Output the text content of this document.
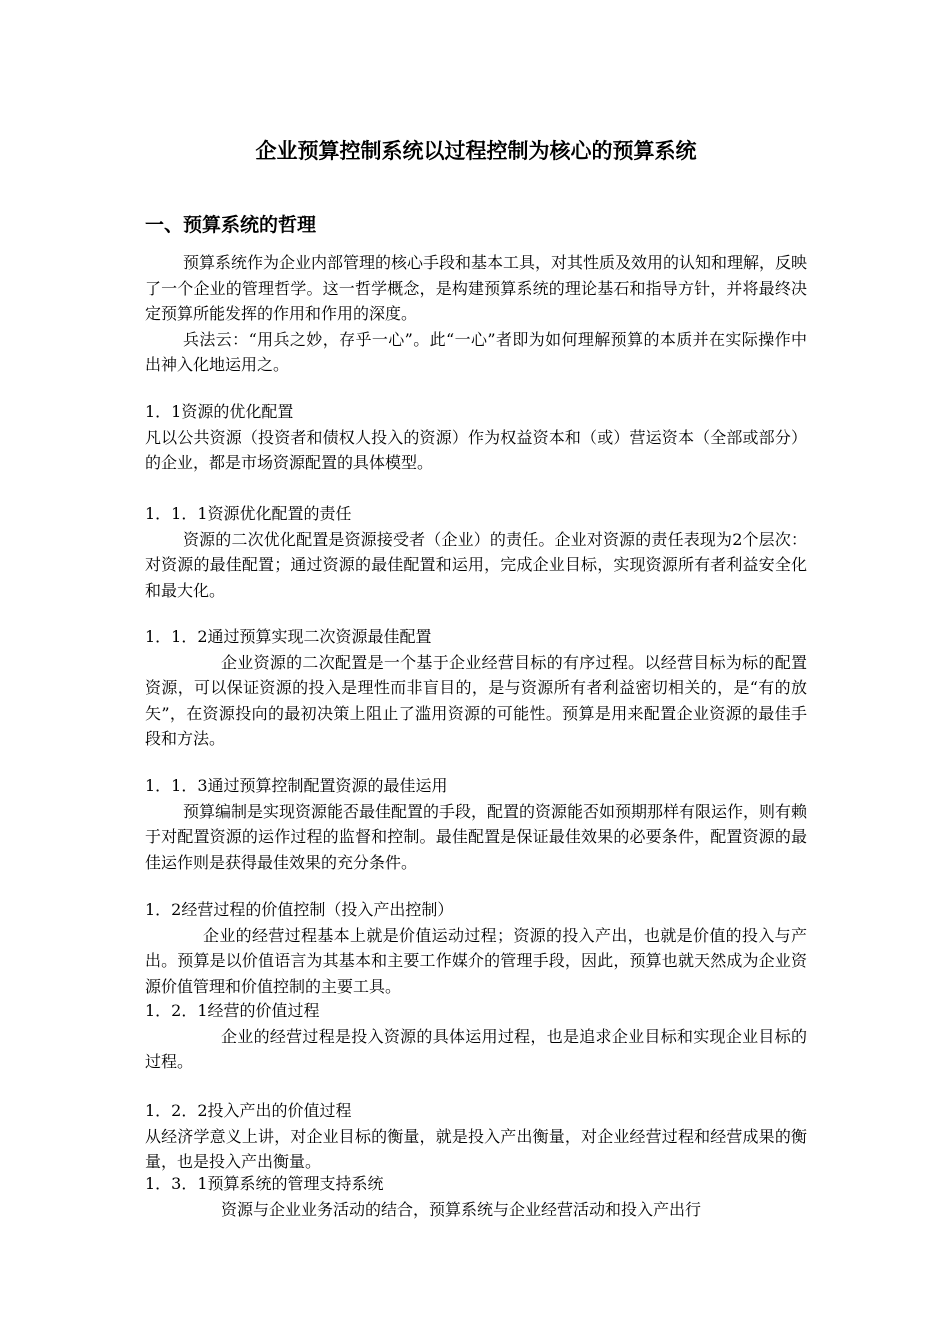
企业预算控制系统以过程控制为核心的预算系统
一、预算系统的哲理

预算系统作为企业内部管理的核心手段和基本工具，对其性质及效用的认知和理解，反映了一个企业的管理哲学。这一哲学概念，是构建预算系统的理论基石和指导方针，并将最终决定预算所能发挥的作用和作用的深度。

兵法云：“用兵之妙，存乎一心”。此“一心”者即为如何理解预算的本质并在实际操作中出神入化地运用之。

1．1资源的优化配置

凡以公共资源（投资者和债权人投入的资源）作为权益资本和（或）营运资本（全部或部分）的企业，都是市场资源配置的具体模型。

1．1．1资源优化配置的责任

资源的二次优化配置是资源接受者（企业）的责任。企业对资源的责任表现为2个层次：对资源的最佳配置；通过资源的最佳配置和运用，完成企业目标，实现资源所有者利益安全化和最大化。

1．1．2通过预算实现二次资源最佳配置

企业资源的二次配置是一个基于企业经营目标的有序过程。以经营目标为标的配置资源，可以保证资源的投入是理性而非盲目的，是与资源所有者利益密切相关的，是“有的放矢”，在资源投向的最初决策上阻止了滥用资源的可能性。预算是用来配置企业资源的最佳手段和方法。

1．1．3通过预算控制配置资源的最佳运用

预算编制是实现资源能否最佳配置的手段，配置的资源能否如预期那样有限运作，则有赖于对配置资源的运作过程的监督和控制。最佳配置是保证最佳效果的必要条件，配置资源的最佳运作则是获得最佳效果的充分条件。

1．2经营过程的价值控制（投入产出控制）

企业的经营过程基本上就是价值运动过程；资源的投入产出，也就是价值的投入与产出。预算是以价值语言为其基本和主要工作媒介的管理手段，因此，预算也就天然成为企业资源价值管理和价值控制的主要工具。

1．2．1经营的价值过程

企业的经营过程是投入资源的具体运用过程，也是追求企业目标和实现企业目标的过程。

1．2．2投入产出的价值过程

从经济学意义上讲，对企业目标的衡量，就是投入产出衡量，对企业经营过程和经营成果的衡量，也是投入产出衡量。

1．3．1预算系统的管理支持系统

资源与企业业务活动的结合，预算系统与企业经营活动和投入产出行
